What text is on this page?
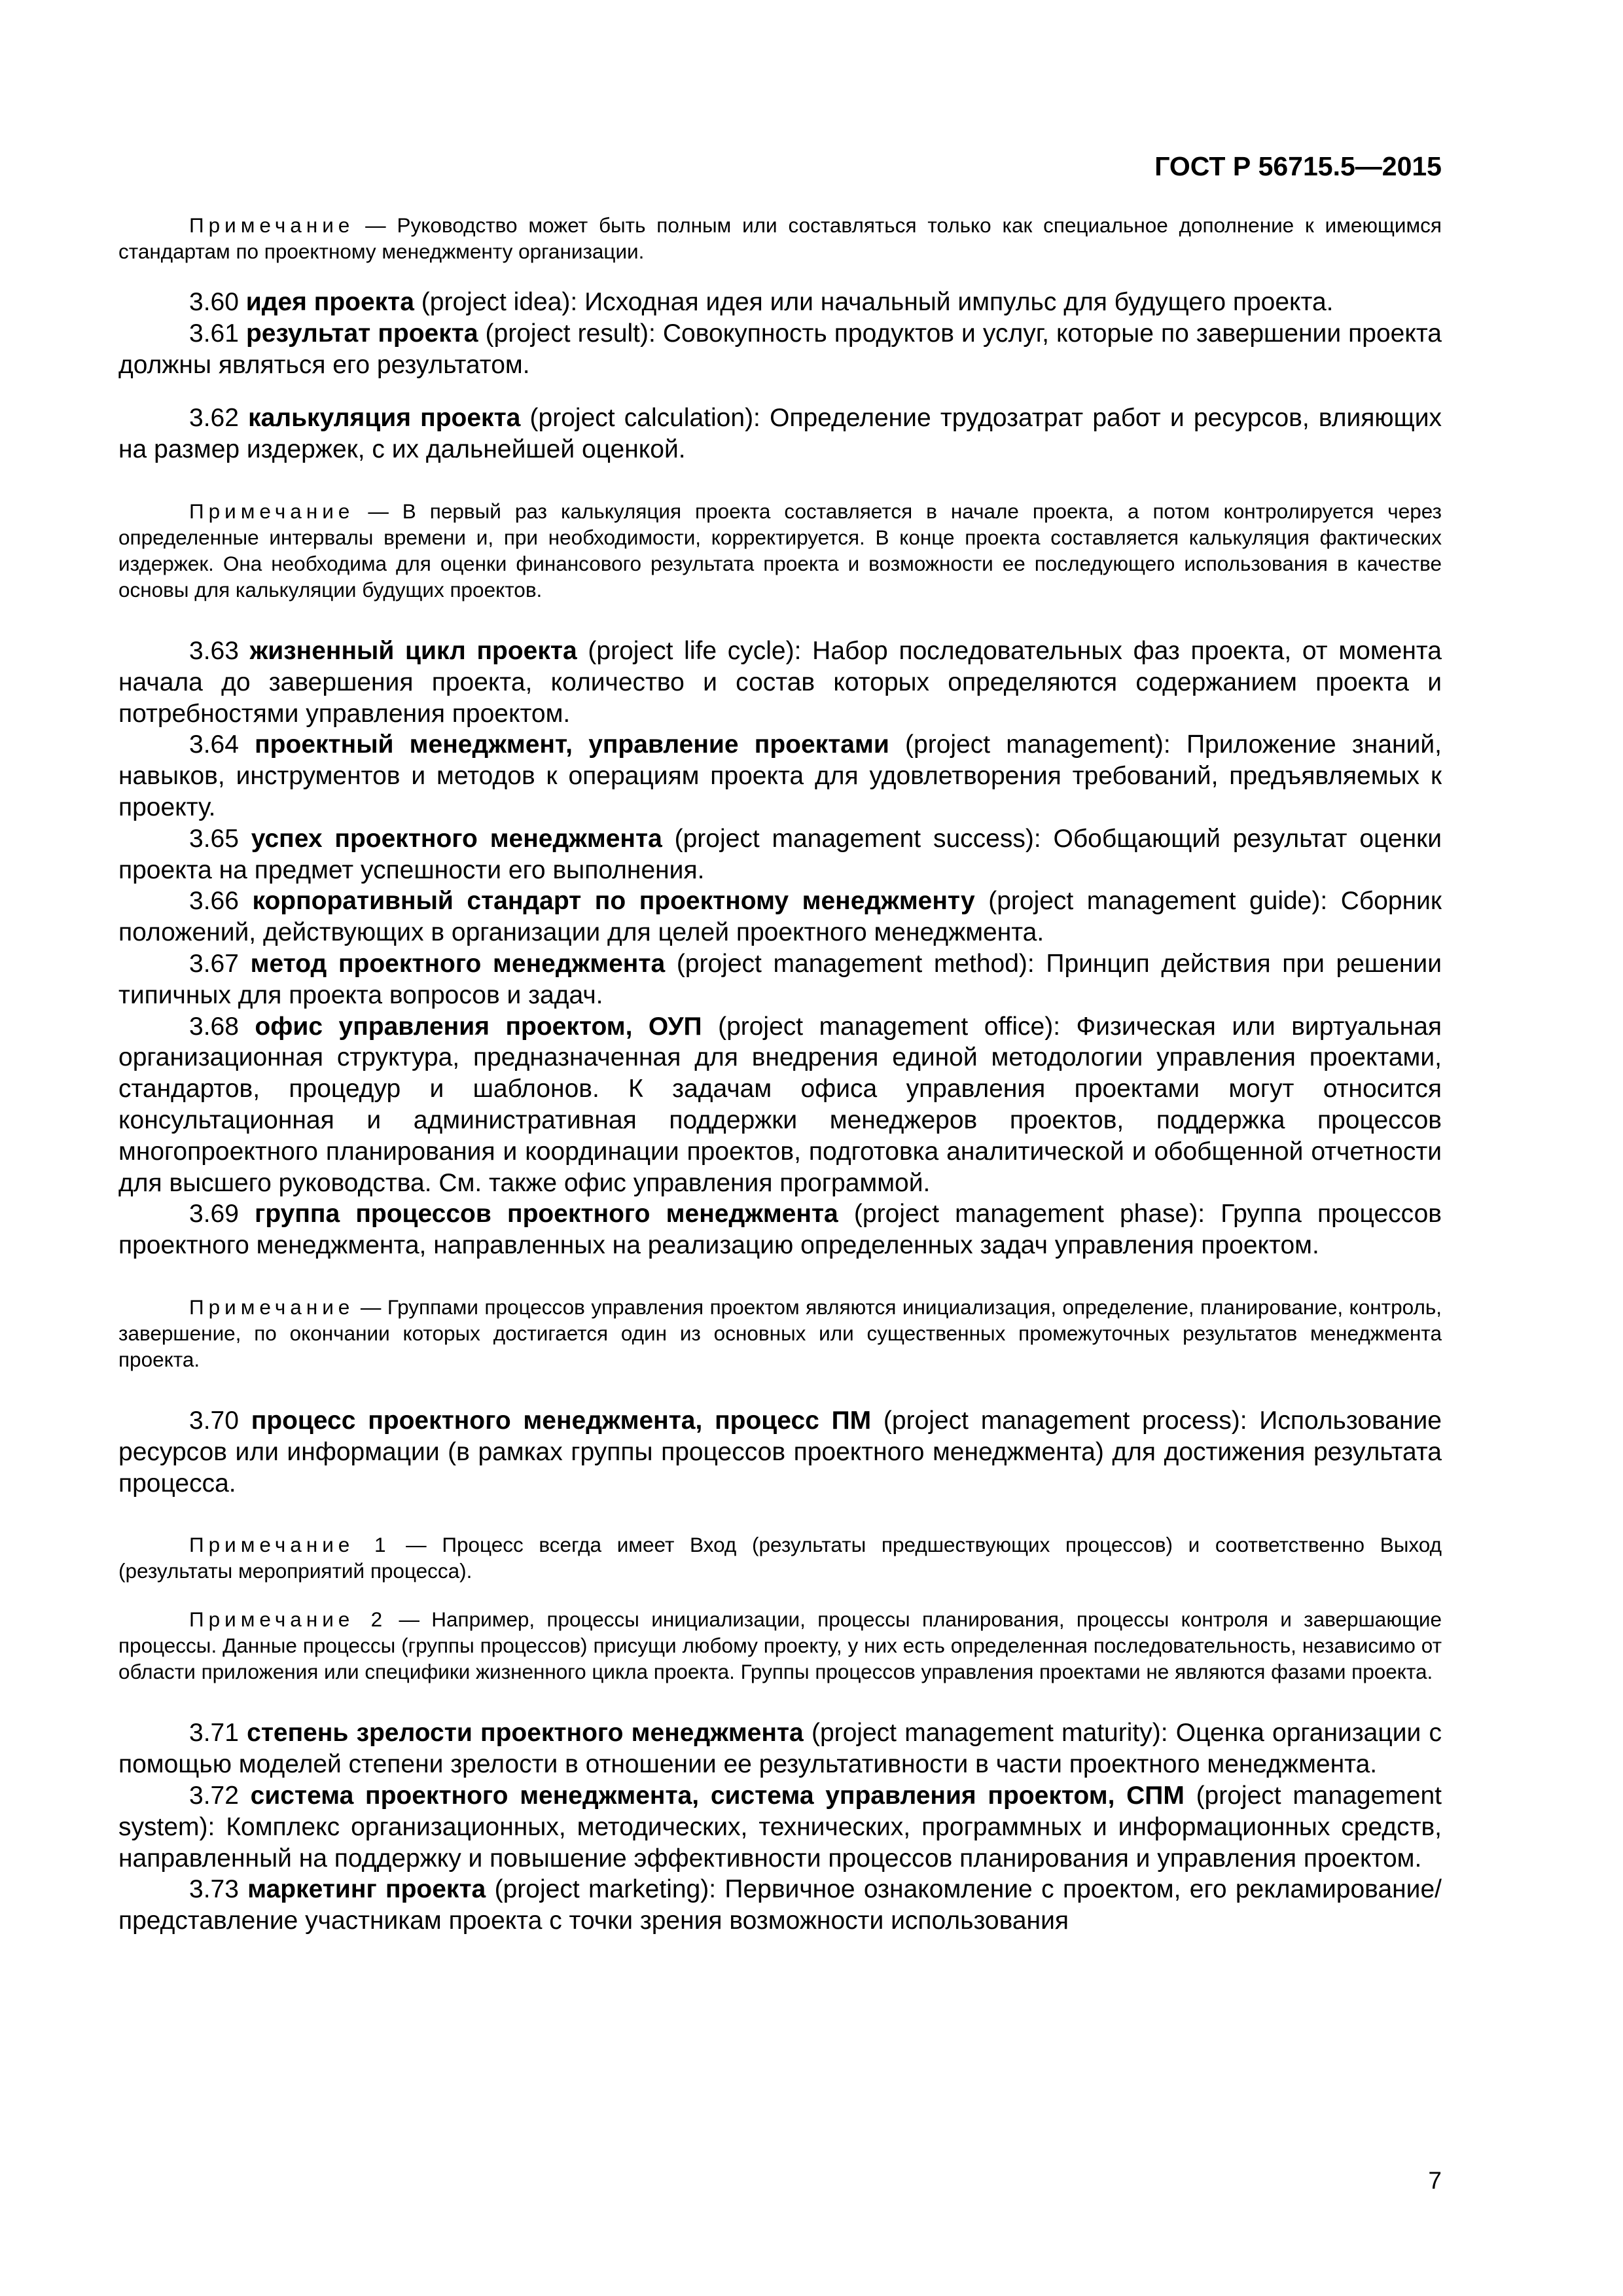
ГОСТ Р 56715.5—2015

Примечание — Руководство может быть полным или составляться только как специальное дополнение к имеющимся стандартам по проектному менеджменту организации.

3.60 идея проекта (project idea): Исходная идея или начальный импульс для будущего проекта.

3.61 результат проекта (project result): Совокупность продуктов и услуг, которые по завершении проекта должны являться его результатом.

3.62 калькуляция проекта (project calculation): Определение трудозатрат работ и ресурсов, влияющих на размер издержек, с их дальнейшей оценкой.

Примечание — В первый раз калькуляция проекта составляется в начале проекта, а потом контролируется через определенные интервалы времени и, при необходимости, корректируется. В конце проекта составляется калькуляция фактических издержек. Она необходима для оценки финансового результата проекта и возможности ее последующего использования в качестве основы для калькуляции будущих проектов.

3.63 жизненный цикл проекта (project life cycle): Набор последовательных фаз проекта, от момента начала до завершения проекта, количество и состав которых определяются содержанием проекта и потребностями управления проектом.

3.64 проектный менеджмент, управление проектами (project management): Приложение знаний, навыков, инструментов и методов к операциям проекта для удовлетворения требований, предъявляемых к проекту.

3.65 успех проектного менеджмента (project management success): Обобщающий результат оценки проекта на предмет успешности его выполнения.

3.66 корпоративный стандарт по проектному менеджменту (project management guide): Сборник положений, действующих в организации для целей проектного менеджмента.

3.67 метод проектного менеджмента (project management method): Принцип действия при решении типичных для проекта вопросов и задач.

3.68 офис управления проектом, ОУП (project management office): Физическая или виртуальная организационная структура, предназначенная для внедрения единой методологии управления проектами, стандартов, процедур и шаблонов. К задачам офиса управления проектами могут относится консультационная и административная поддержки менеджеров проектов, поддержка процессов многопроектного планирования и координации проектов, подготовка аналитической и обобщенной отчетности для высшего руководства. См. также офис управления программой.

3.69 группа процессов проектного менеджмента (project management phase): Группа процессов проектного менеджмента, направленных на реализацию определенных задач управления проектом.

Примечание — Группами процессов управления проектом являются инициализация, определение, планирование, контроль, завершение, по окончании которых достигается один из основных или существенных промежуточных результатов менеджмента проекта.

3.70 процесс проектного менеджмента, процесс ПМ (project management process): Использование ресурсов или информации (в рамках группы процессов проектного менеджмента) для достижения результата процесса.

Примечание 1 — Процесс всегда имеет Вход (результаты предшествующих процессов) и соответственно Выход (результаты мероприятий процесса).

Примечание 2 — Например, процессы инициализации, процессы планирования, процессы контроля и завершающие процессы. Данные процессы (группы процессов) присущи любому проекту, у них есть определенная последовательность, независимо от области приложения или специфики жизненного цикла проекта. Группы процессов управления проектами не являются фазами проекта.

3.71 степень зрелости проектного менеджмента (project management maturity): Оценка организации с помощью моделей степени зрелости в отношении ее результативности в части проектного менеджмента.

3.72 система проектного менеджмента, система управления проектом, СПМ (project management system): Комплекс организационных, методических, технических, программных и информационных средств, направленный на поддержку и повышение эффективности процессов планирования и управления проектом.

3.73 маркетинг проекта (project marketing): Первичное ознакомление с проектом, его рекламирование/представление участникам проекта с точки зрения возможности использования

7
